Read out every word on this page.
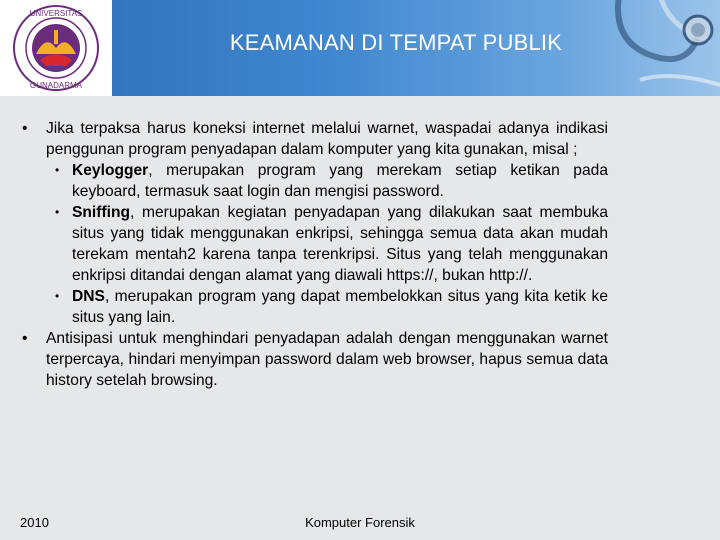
UNIVERSITAS
GUNADARMA
KEAMANAN DI TEMPAT PUBLIK
• Jika terpaksa harus koneksi internet melalui warnet, waspadai adanya indikasi penggunan program penyadapan dalam komputer yang kita gunakan, misal ;
• Keylogger, merupakan program yang merekam setiap ketikan pada keyboard, termasuk saat login dan mengisi password.
• Sniffing, merupakan kegiatan penyadapan yang dilakukan saat membuka situs yang tidak menggunakan enkripsi, sehingga semua data akan mudah terekam mentah2 karena tanpa terenkripsi. Situs yang telah menggunakan enkripsi ditandai dengan alamat yang diawali https://, bukan http://.
• DNS, merupakan program yang dapat membelokkan situs yang kita ketik ke situs yang lain.
• Antisipasi untuk menghindari penyadapan adalah dengan menggunakan warnet terpercaya, hindari menyimpan password dalam web browser, hapus semua data history setelah browsing.
2010	Komputer Forensik
